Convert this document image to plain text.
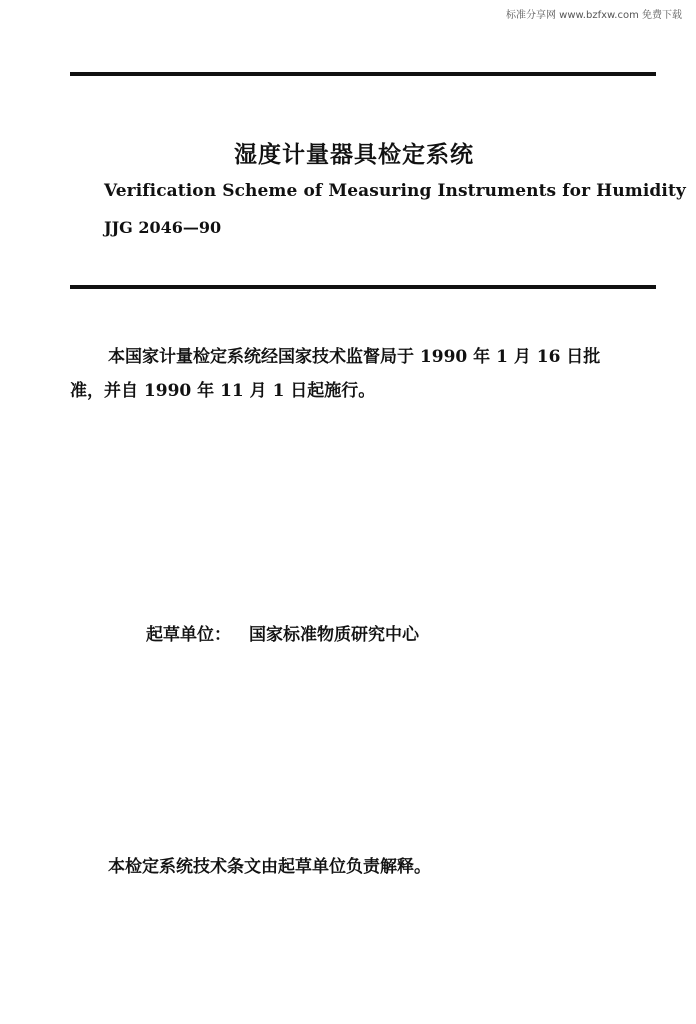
标准分享网 www.bzfxw.com 免费下载
湿度计量器具检定系统
Verification Scheme of Measuring Instruments for Humidity
JJG 2046—90
本国家计量检定系统经国家技术监督局于 1990 年 1 月 16 日批
准，并自 1990 年 11 月 1 日起施行。
起草单位： 国家标准物质研究中心
本检定系统技术条文由起草单位负责解释。
